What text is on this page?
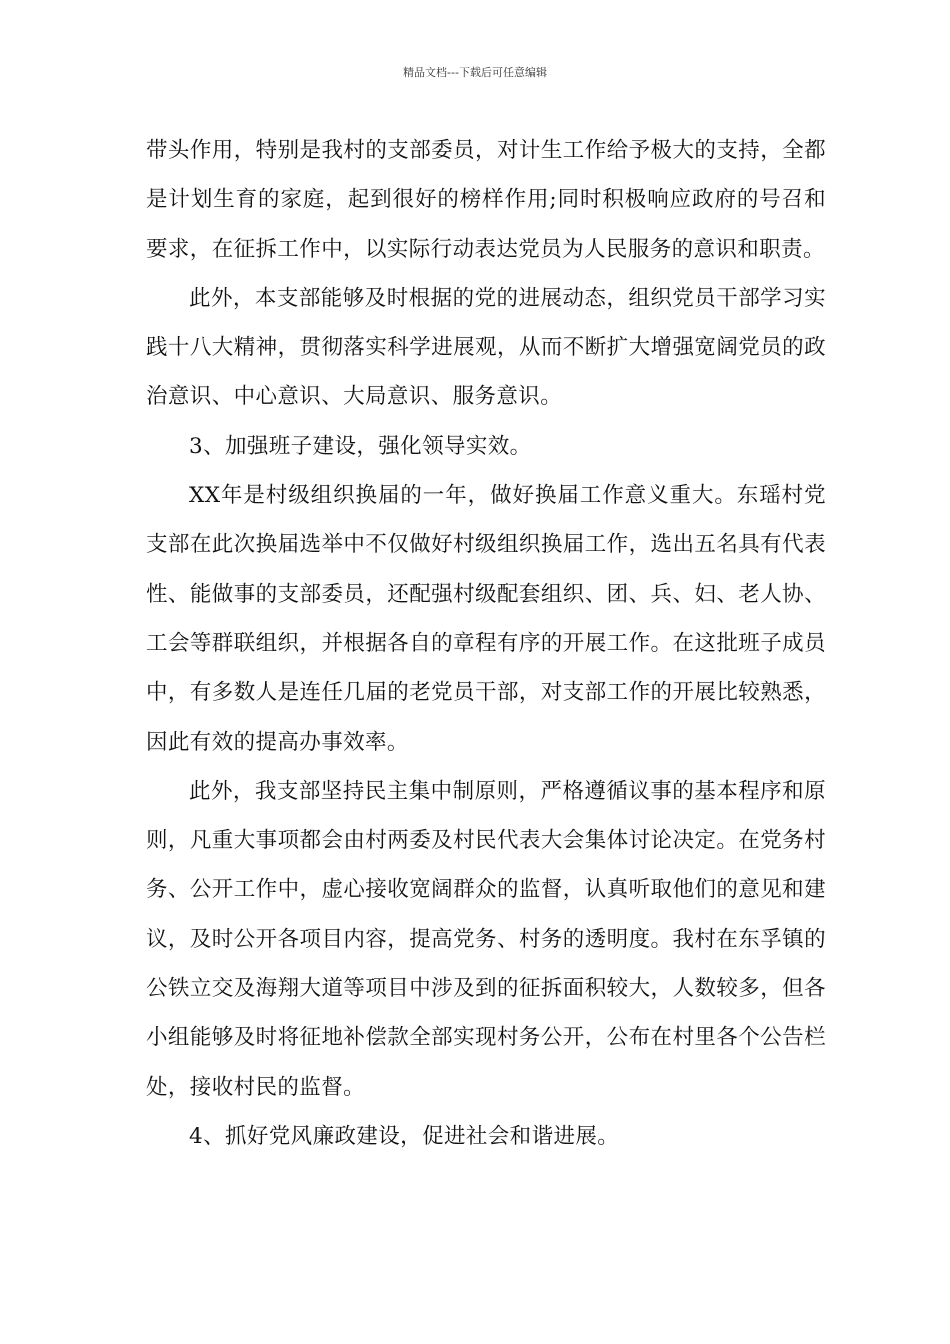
精品文档---下载后可任意编辑

带头作用，特别是我村的支部委员，对计生工作给予极大的支持，全都是计划生育的家庭，起到很好的榜样作用;同时积极响应政府的号召和要求，在征拆工作中，以实际行动表达党员为人民服务的意识和职责。

此外，本支部能够及时根据的党的进展动态，组织党员干部学习实践十八大精神，贯彻落实科学进展观，从而不断扩大增强宽阔党员的政治意识、中心意识、大局意识、服务意识。

3、加强班子建设，强化领导实效。

XX年是村级组织换届的一年，做好换届工作意义重大。东瑶村党支部在此次换届选举中不仅做好村级组织换届工作，选出五名具有代表性、能做事的支部委员，还配强村级配套组织、团、兵、妇、老人协、工会等群联组织，并根据各自的章程有序的开展工作。在这批班子成员中，有多数人是连任几届的老党员干部，对支部工作的开展比较熟悉，因此有效的提高办事效率。

此外，我支部坚持民主集中制原则，严格遵循议事的基本程序和原则，凡重大事项都会由村两委及村民代表大会集体讨论决定。在党务村务、公开工作中，虚心接收宽阔群众的监督，认真听取他们的意见和建议，及时公开各项目内容，提高党务、村务的透明度。我村在东孚镇的公铁立交及海翔大道等项目中涉及到的征拆面积较大，人数较多，但各小组能够及时将征地补偿款全部实现村务公开，公布在村里各个公告栏处，接收村民的监督。

4、抓好党风廉政建设，促进社会和谐进展。
